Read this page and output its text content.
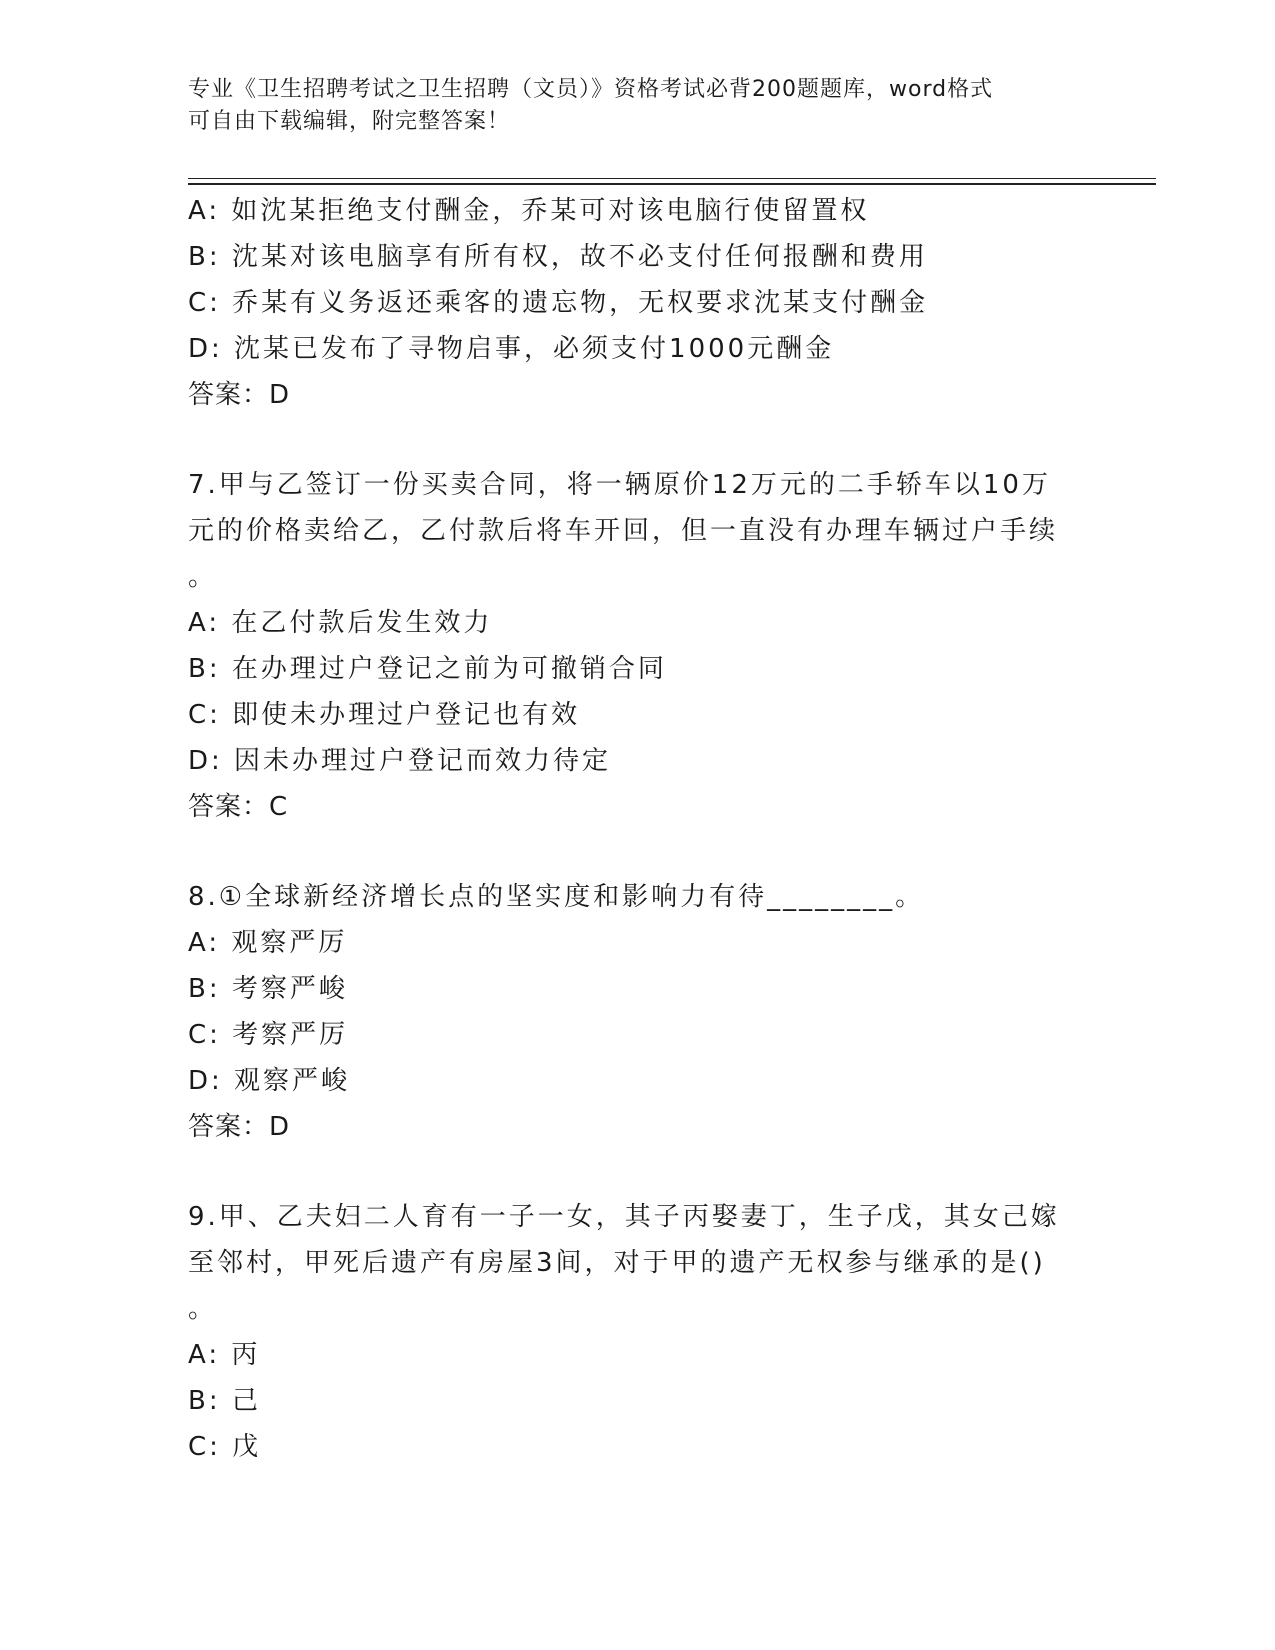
专业《卫生招聘考试之卫生招聘（文员）》资格考试必背200题题库，word格式
可自由下载编辑，附完整答案！
A: 如沈某拒绝支付酬金，乔某可对该电脑行使留置权
B: 沈某对该电脑享有所有权，故不必支付任何报酬和费用
C: 乔某有义务返还乘客的遗忘物，无权要求沈某支付酬金
D: 沈某已发布了寻物启事，必须支付1000元酬金
答案：D
7.甲与乙签订一份买卖合同，将一辆原价12万元的二手轿车以10万
元的价格卖给乙，乙付款后将车开回，但一直没有办理车辆过户手续
。
A: 在乙付款后发生效力
B: 在办理过户登记之前为可撤销合同
C: 即使未办理过户登记也有效
D: 因未办理过户登记而效力待定
答案：C
8.①全球新经济增长点的坚实度和影响力有待________。
A: 观察严厉
B: 考察严峻
C: 考察严厉
D: 观察严峻
答案：D
9.甲、乙夫妇二人育有一子一女，其子丙娶妻丁，生子戊，其女己嫁
至邻村，甲死后遗产有房屋3间，对于甲的遗产无权参与继承的是()
。
A: 丙
B: 己
C: 戊
